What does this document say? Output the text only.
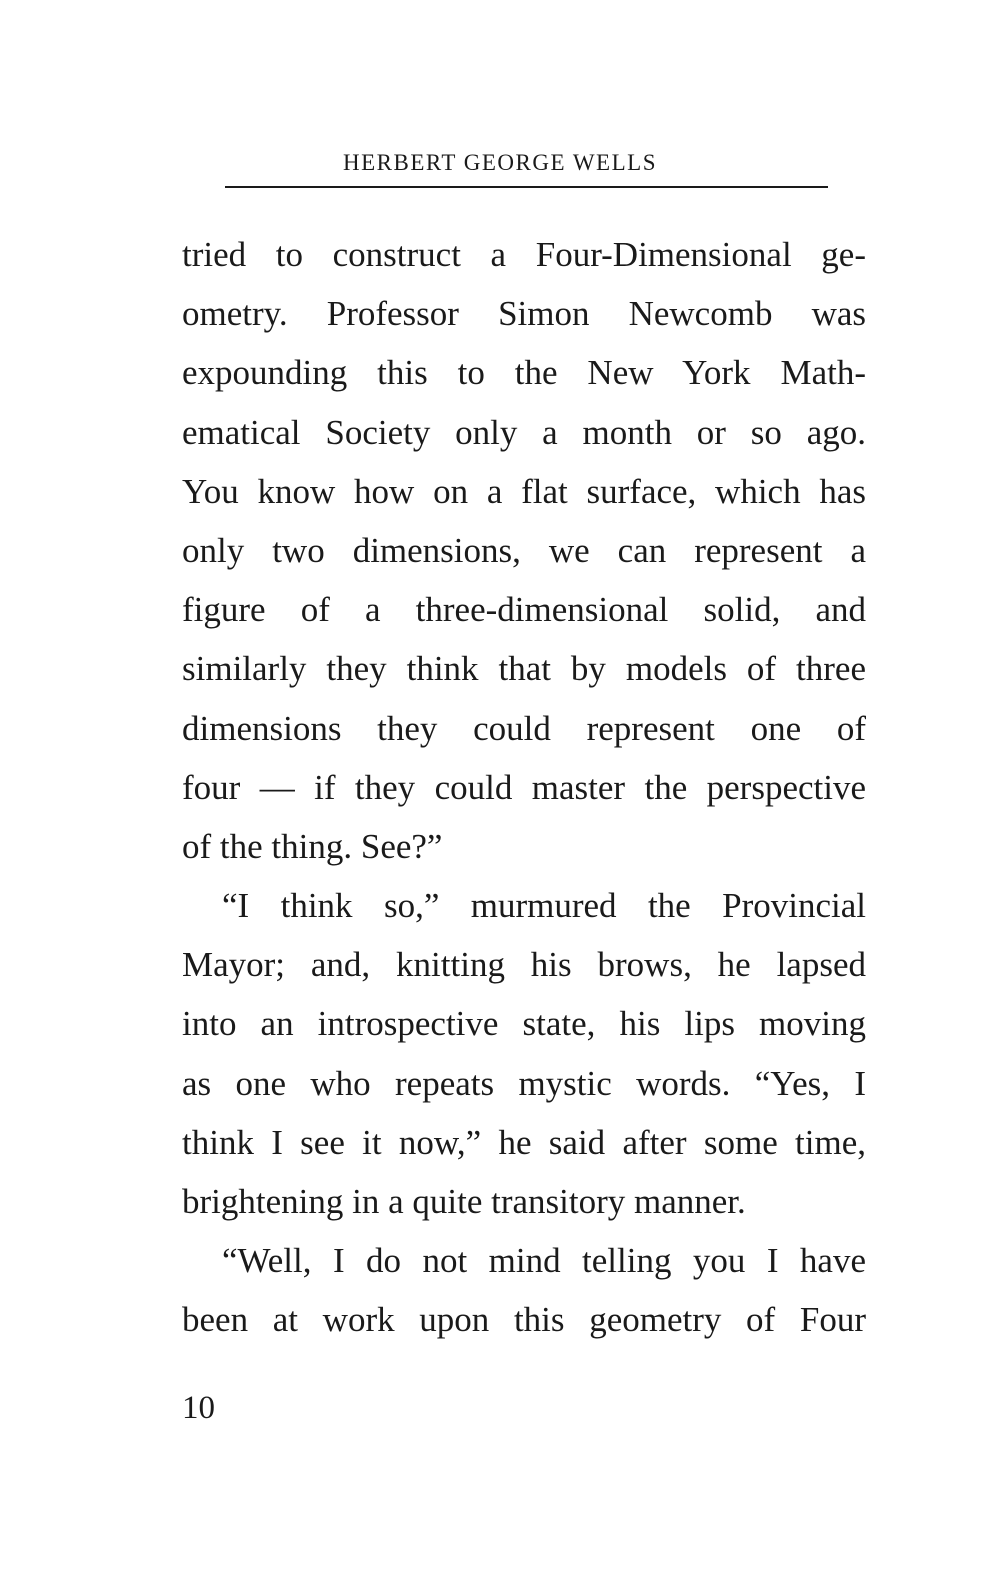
HERBERT GEORGE WELLS
tried to construct a Four-Dimensional ge-
ometry. Professor Simon Newcomb was
expounding this to the New York Math-
ematical Society only a month or so ago.
You know how on a flat surface, which has
only two dimensions, we can represent a
figure of a three-dimensional solid, and
similarly they think that by models of three
dimensions they could represent one of
four — if they could master the perspective
of the thing. See?”
“I think so,” murmured the Provincial
Mayor; and, knitting his brows, he lapsed
into an introspective state, his lips moving
as one who repeats mystic words. “Yes, I
think I see it now,” he said after some time,
brightening in a quite transitory manner.
“Well, I do not mind telling you I have
been at work upon this geometry of Four
10
